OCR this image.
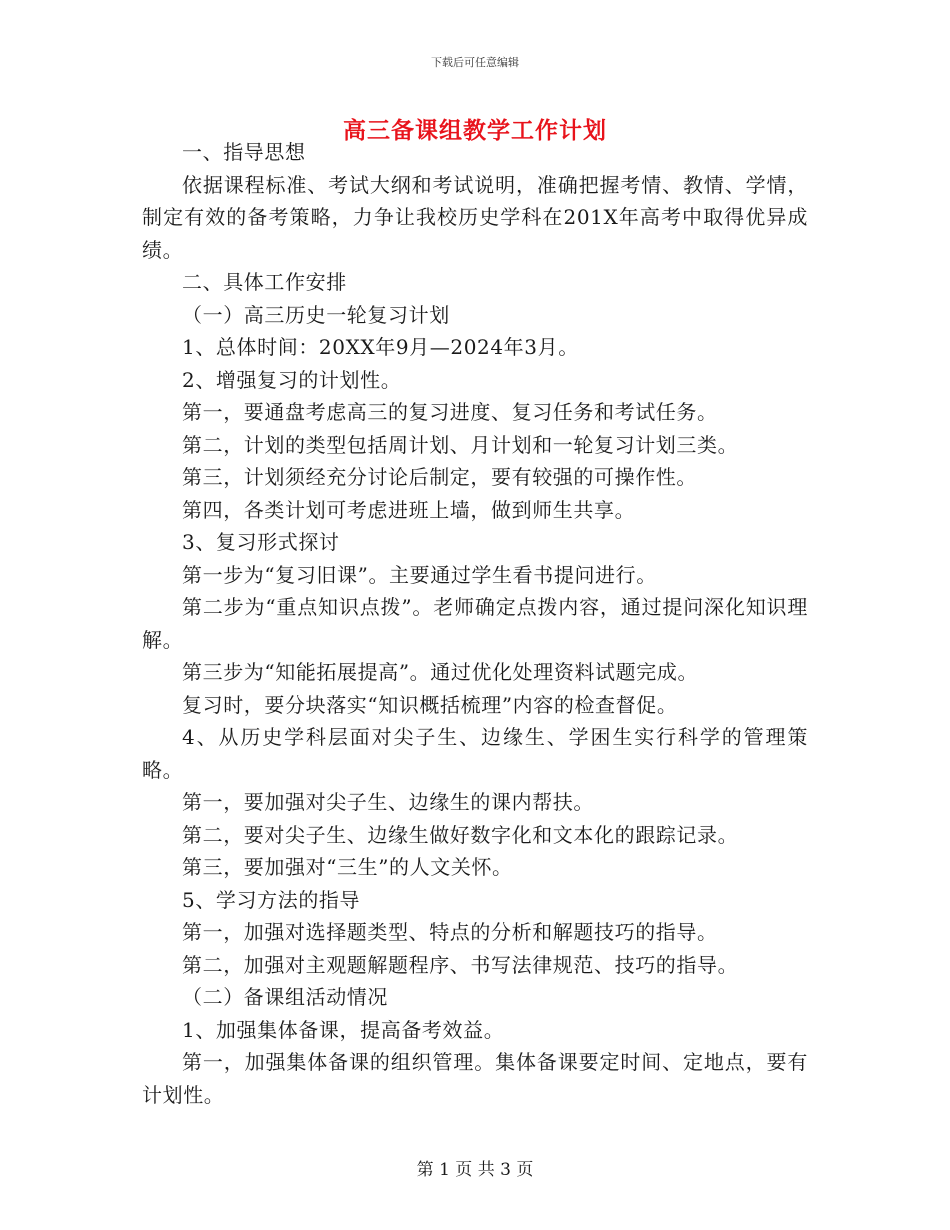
下载后可任意编辑
高三备课组教学工作计划

一、指导思想

依据课程标准、考试大纲和考试说明，准确把握考情、教情、学情，制定有效的备考策略，力争让我校历史学科在201X年高考中取得优异成绩。

二、具体工作安排

（一）高三历史一轮复习计划

1、总体时间：20XX年9月—2024年3月。

2、增强复习的计划性。

第一，要通盘考虑高三的复习进度、复习任务和考试任务。

第二，计划的类型包括周计划、月计划和一轮复习计划三类。

第三，计划须经充分讨论后制定，要有较强的可操作性。

第四，各类计划可考虑进班上墙，做到师生共享。

3、复习形式探讨

第一步为“复习旧课”。主要通过学生看书提问进行。

第二步为“重点知识点拨”。老师确定点拨内容，通过提问深化知识理解。

第三步为“知能拓展提高”。通过优化处理资料试题完成。

复习时，要分块落实“知识概括梳理”内容的检查督促。

4、从历史学科层面对尖子生、边缘生、学困生实行科学的管理策略。

第一，要加强对尖子生、边缘生的课内帮扶。

第二，要对尖子生、边缘生做好数字化和文本化的跟踪记录。

第三，要加强对“三生”的人文关怀。

5、学习方法的指导

第一，加强对选择题类型、特点的分析和解题技巧的指导。

第二，加强对主观题解题程序、书写法律规范、技巧的指导。

（二）备课组活动情况

1、加强集体备课，提高备考效益。

第一，加强集体备课的组织管理。集体备课要定时间、定地点，要有计划性。

第 1 页 共 3 页
